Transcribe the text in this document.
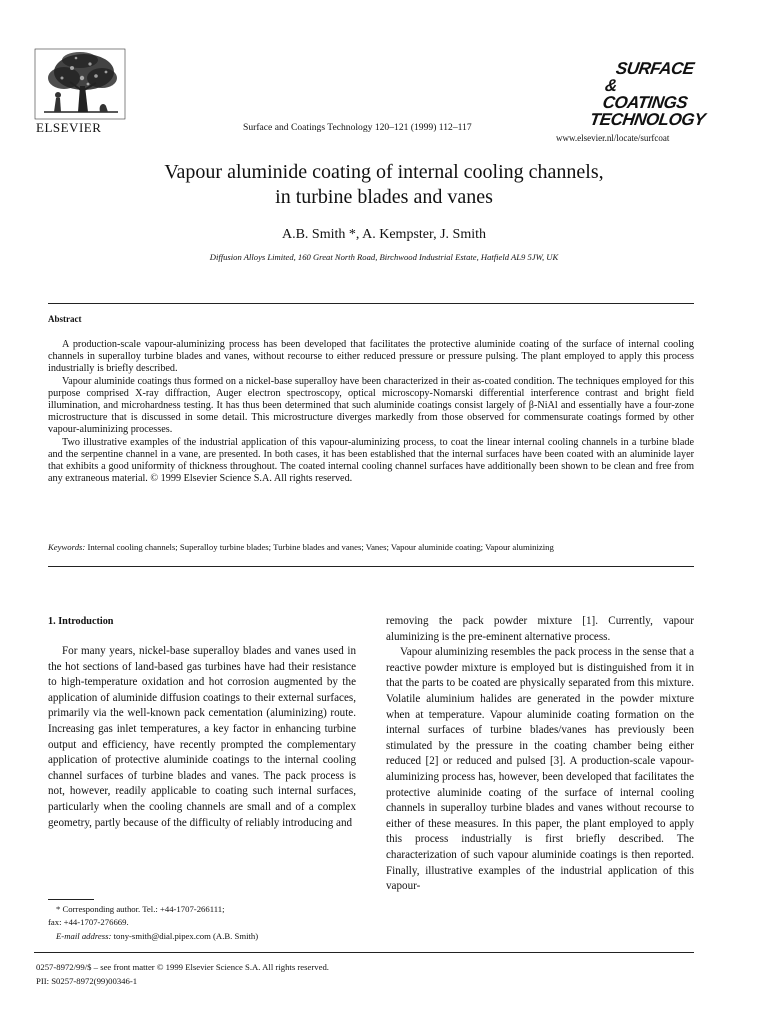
ELSEVIER	Surface and Coatings Technology 120–121 (1999) 112–117
SURFACE
& COATINGS
TECHNOLOGY
www.elsevier.nl/locate/surfcoat
Vapour aluminide coating of internal cooling channels,
in turbine blades and vanes
A.B. Smith *, A. Kempster, J. Smith
Diffusion Alloys Limited, 160 Great North Road, Birchwood Industrial Estate, Hatfield AL9 5JW, UK
Abstract

A production-scale vapour-aluminizing process has been developed that facilitates the protective aluminide coating of the surface of internal cooling channels in superalloy turbine blades and vanes, without recourse to either reduced pressure or pressure pulsing. The plant employed to apply this process industrially is briefly described.

Vapour aluminide coatings thus formed on a nickel-base superalloy have been characterized in their as-coated condition. The techniques employed for this purpose comprised X-ray diffraction, Auger electron spectroscopy, optical microscopy-Nomarski differential interference contrast and bright field illumination, and microhardness testing. It has thus been determined that such aluminide coatings consist largely of β-NiAl and essentially have a four-zone microstructure that is discussed in some detail. This microstructure diverges markedly from those observed for commensurate coatings formed by other vapour-aluminizing processes.

Two illustrative examples of the industrial application of this vapour-aluminizing process, to coat the linear internal cooling channels in a turbine blade and the serpentine channel in a vane, are presented. In both cases, it has been established that the internal surfaces have been coated with an aluminide layer that exhibits a good uniformity of thickness throughout. The coated internal cooling channel surfaces have additionally been shown to be clean and free from any extraneous material. © 1999 Elsevier Science S.A. All rights reserved.

Keywords: Internal cooling channels; Superalloy turbine blades; Turbine blades and vanes; Vanes; Vapour aluminide coating; Vapour aluminizing
1. Introduction

For many years, nickel-base superalloy blades and vanes used in the hot sections of land-based gas turbines have had their resistance to high-temperature oxidation and hot corrosion augmented by the application of aluminide diffusion coatings to their external surfaces, primarily via the well-known pack cementation (aluminizing) route. Increasing gas inlet temperatures, a key factor in enhancing turbine output and efficiency, have recently prompted the complementary application of protective aluminide coatings to the internal cooling channel surfaces of turbine blades and vanes. The pack process is not, however, readily applicable to coating such internal surfaces, particularly when the cooling channels are small and of a complex geometry, partly because of the difficulty of reliably introducing and

removing the pack powder mixture [1]. Currently, vapour aluminizing is the pre-eminent alternative process.

Vapour aluminizing resembles the pack process in the sense that a reactive powder mixture is employed but is distinguished from it in that the parts to be coated are physically separated from this mixture. Volatile aluminium halides are generated in the powder mixture when at temperature. Vapour aluminide coating formation on the internal surfaces of turbine blades/vanes has previously been stimulated by the pressure in the coating chamber being either reduced [2] or reduced and pulsed [3]. A production-scale vapour-aluminizing process has, however, been developed that facilitates the protective aluminide coating of the surface of internal cooling channels in superalloy turbine blades and vanes without recourse to either of these measures. In this paper, the plant employed to apply this process industrially is first briefly described. The characterization of such vapour aluminide coatings is then reported. Finally, illustrative examples of the industrial application of this vapour-

* Corresponding author. Tel.: +44-1707-266111;
fax: +44-1707-276669.
E-mail address: tony-smith@dial.pipex.com (A.B. Smith)
0257-8972/99/$ – see front matter © 1999 Elsevier Science S.A. All rights reserved.
PII: S0257-8972(99)00346-1
